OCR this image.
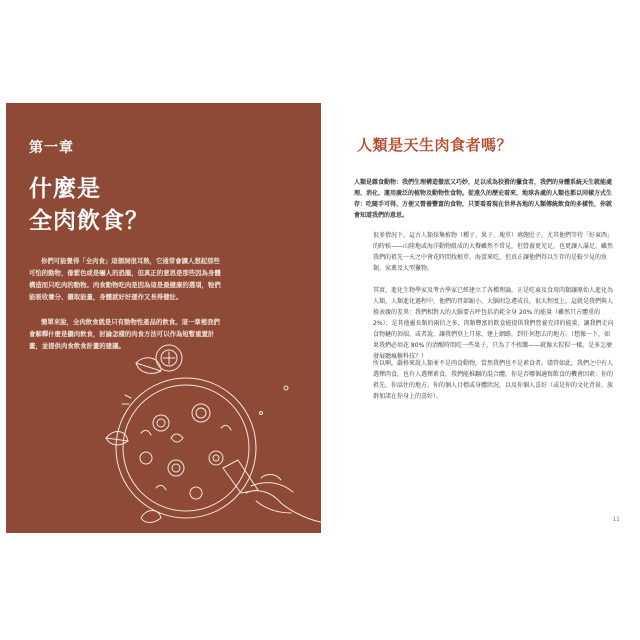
第一章
什麼是
全肉飲食？

你們可能覺得「全肉食」這個詞很耳熟，它通常會讓人想起那些可怕的動物，像紫色或是嚇人的恐龍，但真正的意思是那些因為身體構造而只吃肉的動物。肉食動物吃肉是因為這是最健康的選項，牠們能吸收養分、攝取能量，身體就好好運作又長得健壯。

簡單來說，全肉飲食就是只有動物性產品的飲食。這一章裡我們會解釋什麼是攝肉飲食，討論怎樣的肉食方法可以作為短暫重置計畫，並提供肉食飲食計畫的建議。

人類是天生肉食者嗎？

人類是雜食動物：我們生理構造徹底又巧妙，足以成為狡猾的獵食者，我們的身體系統天生就能處理、消化、運用廣泛的植物及動物性食物。從遠久的歷史看來，地球各處的人類也都以同樣方式生存：吃隨手可得、方便又營養豐富的食物，只要看看現在世界各地的人類傳統飲食的多樣性，你就會知道我們的意思。

很多情況下，這古人類採集植物（種子、果子、塊莖）填飽肚子，尤其他們等待「好東西」的時候——山陸地或海洋動物組成的大餐雖然不常見，但營養更充足，也更讓人滿足，雖然我們的祖先一天之中會花時間找根莖、海蛋來吃，但真正讓他們得以生存的是較少見的魚類，家禽及大型獵物。

其實，進化生物學家及考古學家已經建立了各種理論，正是吃東及食用肉類讓原始人進化為人類，人類進化過程中，他們的胃部縮小，大腦則急遽成長，很大程度上，這就是我們與人猿表親的差異：我們相對大的大腦要占呼包括消耗全身 20% 的能量（雖然只占體重的 2%）；是其他靈長類的兩倍之多，肉類豐富的飲食能提供我們營養充沛的能量，讓我們走向食物鏈的頂端，或者說，讓我們登上月球、建上網路，到任何想去的地方。（想像一下，如果我們必須花 80% 的清醒時間吃一些果子，只為了不挨餓——就像大猩猩一樣，是多怎麼發展聽瘋樹科技？）

所以啊，嚴格來說人類並不是肉食動物，當然我們也不是素食者，儘管如此，我們之中有人選擇肉食，也有人選擇素食，我們能推翻的混合體，你是否哪個適寫飲食的機會因素：你的祖先、你話住的地方、你的個人目標或身體狀況，以及你個人喜好（或是你的文化背景、族群加諸在你身上的喜好）。

11
